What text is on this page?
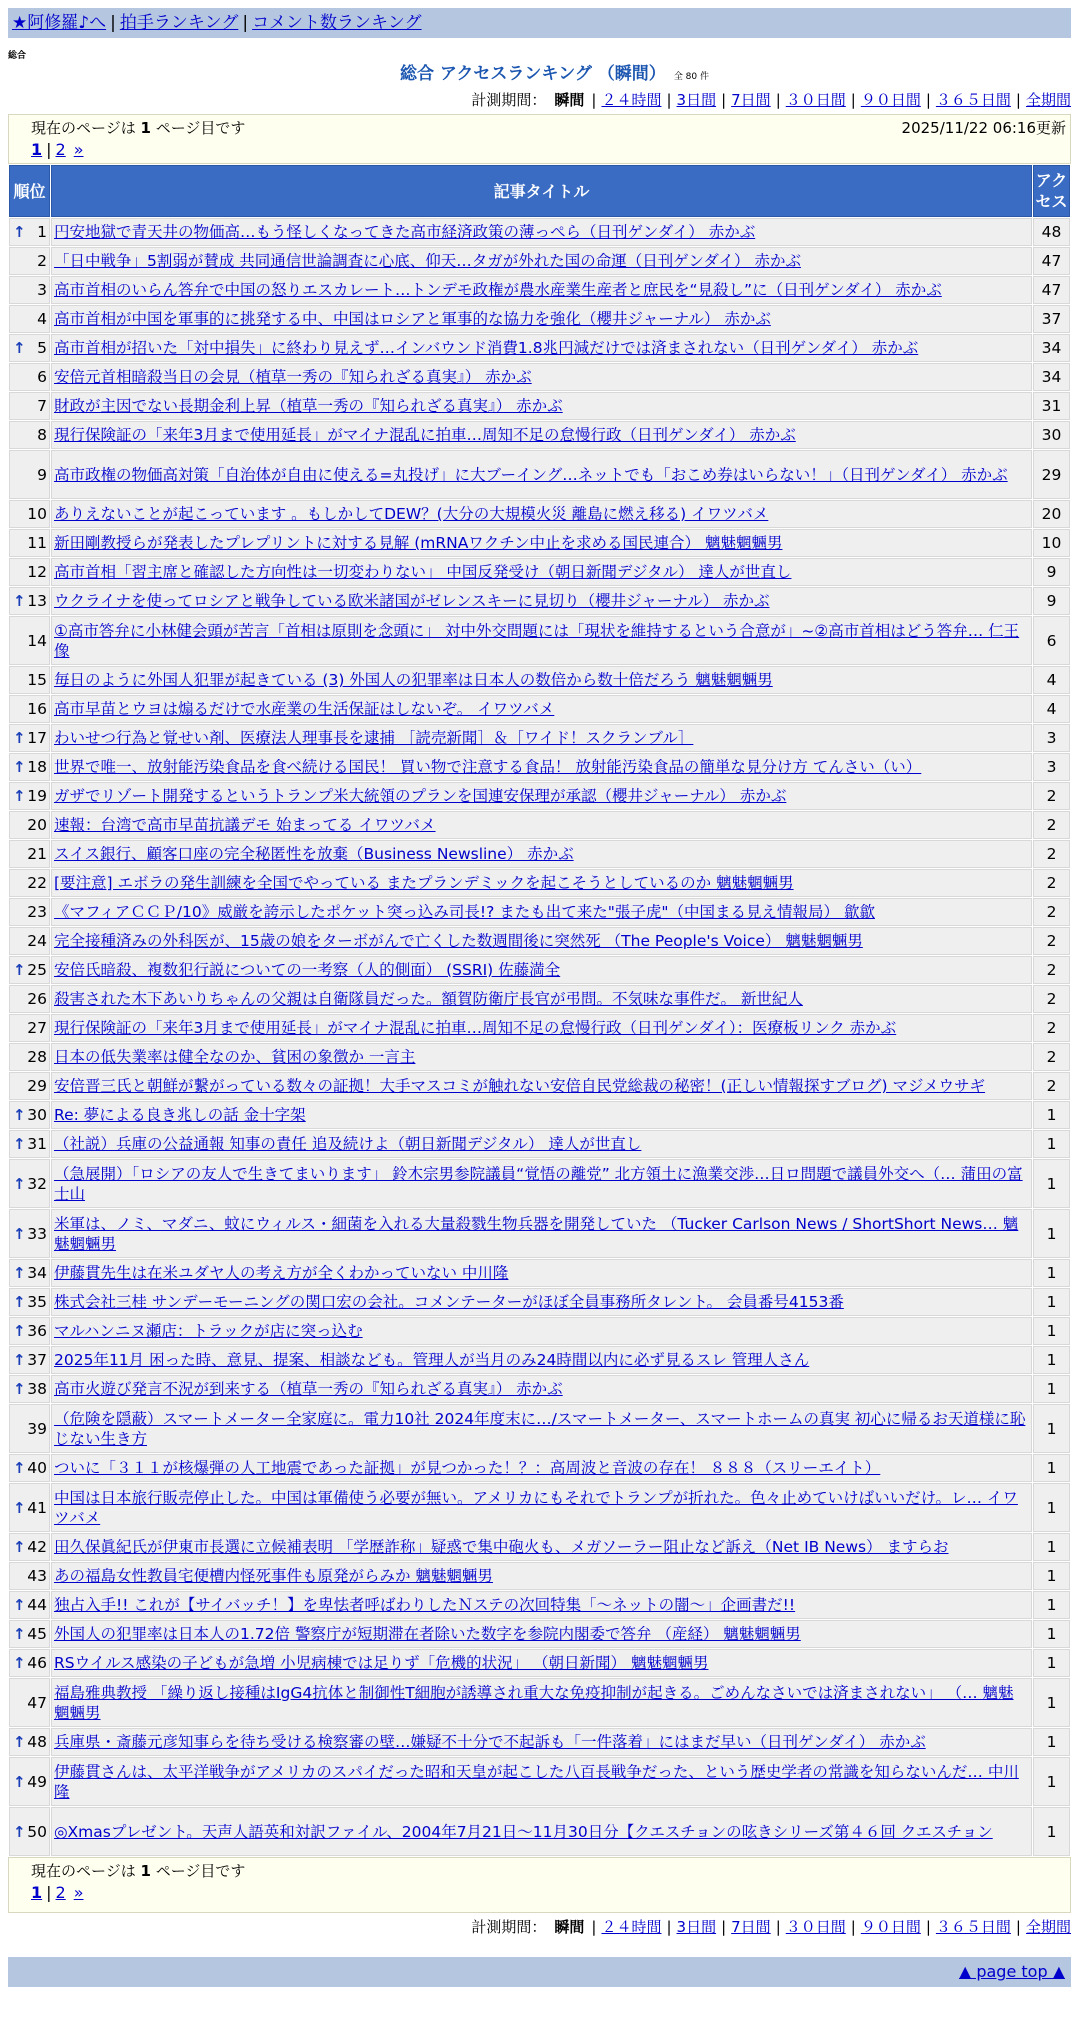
★阿修羅♪へ | 拍手ランキング | コメント数ランキング
総合
総合 アクセスランキング （瞬間） 全 80 件
計測期間： 瞬間 | ２４時間 | 3日間 | 7日間 | ３０日間 | ９０日間 | ３６５日間 | 全期間
現在のページは 1 ページ目です	2025/11/22 06:16更新
1 | 2 »
順位	記事タイトル	アクセス

↑ 1	円安地獄で青天井の物価高…もう怪しくなってきた高市経済政策の薄っぺら（日刊ゲンダイ） 赤かぶ	48
2	「日中戦争」5割弱が賛成 共同通信世論調査に心底、仰天…タガが外れた国の命運（日刊ゲンダイ） 赤かぶ	47
3	高市首相のいらん答弁で中国の怒りエスカレート…トンデモ政権が農水産業生産者と庶民を“見殺し”に（日刊ゲンダイ） 赤かぶ	47
4	高市首相が中国を軍事的に挑発する中、中国はロシアと軍事的な協力を強化（櫻井ジャーナル） 赤かぶ	37

↑ 5	高市首相が招いた「対中損失」に終わり見えず…インバウンド消費1.8兆円減だけでは済まされない（日刊ゲンダイ） 赤かぶ	34
6	安倍元首相暗殺当日の会見（植草一秀の『知られざる真実』） 赤かぶ	34
7	財政が主因でない長期金利上昇（植草一秀の『知られざる真実』） 赤かぶ	31
8	現行保険証の「来年3月まで使用延長」がマイナ混乱に拍車…周知不足の怠慢行政（日刊ゲンダイ） 赤かぶ	30
9	高市政権の物価高対策「自治体が自由に使える=丸投げ」に大ブーイング…ネットでも「おこめ券はいらない！」（日刊ゲンダイ） 赤かぶ	29
10	ありえないことが起こっています 。もしかしてDEW？(大分の大規模火災 離島に燃え移る) イワツバメ	20
11	新田剛教授らが発表したプレプリントに対する見解 (mRNAワクチン中止を求める国民連合） 魑魅魍魎男	10
12	高市首相「習主席と確認した方向性は一切変わりない」 中国反発受け（朝日新聞デジタル） 達人が世直し	9

↑ 13	ウクライナを使ってロシアと戦争している欧米諸国がゼレンスキーに見切り（櫻井ジャーナル） 赤かぶ	9
14	①高市答弁に小林健会頭が苦言「首相は原則を念頭に」 対中外交問題には「現状を維持するという合意が」~②高市首相はどう答弁… 仁王像	6
15	毎日のように外国人犯罪が起きている (3) 外国人の犯罪率は日本人の数倍から数十倍だろう 魑魅魍魎男	4
16	高市早苗とウヨは煽るだけで水産業の生活保証はしないぞ。 イワツバメ	4

↑ 17	わいせつ行為と覚せい剤、医療法人理事長を逮捕 ［読売新聞］＆［ワイド！スクランブル］	3

↑ 18	世界で唯一、放射能汚染食品を食べ続ける国民！ 買い物で注意する食品！ 放射能汚染食品の簡単な見分け方 てんさい（い）	3

↑ 19	ガザでリゾート開発するというトランプ米大統領のプランを国連安保理が承認（櫻井ジャーナル） 赤かぶ	2
20	速報：台湾で高市早苗抗議デモ 始まってる イワツバメ	2
21	スイス銀行、顧客口座の完全秘匿性を放棄（Business Newsline） 赤かぶ	2
22	[要注意] エボラの発生訓練を全国でやっている またプランデミックを起こそうとしているのか 魑魅魍魎男	2
23	《マフィアＣＣＰ/10》威厳を誇示したポケット突っ込み司長!? またも出て来た"張子虎"（中国まる見え情報局） 歙歙	2
24	完全接種済みの外科医が、15歳の娘をターボがんで亡くした数週間後に突然死 （The People's Voice） 魑魅魍魎男	2

↑ 25	安倍氏暗殺、複数犯行説についての一考察（人的側面） (SSRI) 佐藤満全	2
26	殺害された木下あいりちゃんの父親は自衛隊員だった。額賀防衛庁長官が弔問。不気味な事件だ。 新世紀人	2
27	現行保険証の「来年3月まで使用延長」がマイナ混乱に拍車…周知不足の怠慢行政（日刊ゲンダイ）：医療板リンク 赤かぶ	2
28	日本の低失業率は健全なのか、貧困の象徴か 一言主	2
29	安倍晋三氏と朝鮮が繋がっている数々の証拠！大手マスコミが触れない安倍自民党総裁の秘密！(正しい情報探すブログ) マジメウサギ	2

↑ 30	Re: 夢による良き兆しの話 金十字架	1

↑ 31	（社説）兵庫の公益通報 知事の責任 追及続けよ（朝日新聞デジタル） 達人が世直し	1

↑ 32	（急展開）「ロシアの友人で生きてまいります」 鈴木宗男参院議員“覚悟の離党” 北方領土に漁業交渉…日ロ問題で議員外交へ（… 蒲田の富士山	1

↑ 33	米軍は、ノミ、マダニ、蚊にウィルス・細菌を入れる大量殺戮生物兵器を開発していた （Tucker Carlson News / ShortShort News… 魑魅魍魎男	1

↑ 34	伊藤貫先生は在米ユダヤ人の考え方が全くわかっていない 中川隆	1

↑ 35	株式会社三桂 サンデーモーニングの関口宏の会社。コメンテーターがほぼ全員事務所タレント。 会員番号4153番	1

↑ 36	マルハンニヌ瀬店：トラックが店に突っ込む	1

↑ 37	2025年11月 困った時、意見、提案、相談なども。管理人が当月のみ24時間以内に必ず見るスレ 管理人さん	1

↑ 38	高市火遊び発言不況が到来する（植草一秀の『知られざる真実』） 赤かぶ	1
39	（危険を隠蔽）スマートメーター全家庭に。電力10社 2024年度末に…/スマートメーター、スマートホームの真実 初心に帰るお天道様に恥じない生き方	1

↑ 40	ついに「３１１が核爆弾の人工地震であった証拠」が見つかった！？：高周波と音波の存在！ ８８８（スリーエイト）	1

↑ 41	中国は日本旅行販売停止した。中国は軍備使う必要が無い。アメリカにもそれでトランプが折れた。色々止めていけばいいだけ。レ… イワツバメ	1

↑ 42	田久保眞紀氏が伊東市長選に立候補表明 「学歴詐称」疑惑で集中砲火も、メガソーラー阻止など訴え（Net IB News） ますらお	1
43	あの福島女性教員宅便槽内怪死事件も原発がらみか 魑魅魍魎男	1

↑ 44	独占入手!! これが【サイバッチ！】を卑怯者呼ばわりしたＮステの次回特集「～ネットの闇～」企画書だ!!	1

↑ 45	外国人の犯罪率は日本人の1.72倍 警察庁が短期滞在者除いた数字を参院内閣委で答弁 （産経） 魑魅魍魎男	1

↑ 46	RSウイルス感染の子どもが急増 小児病棟では足りず「危機的状況」 （朝日新聞） 魑魅魍魎男	1
47	福島雅典教授 「繰り返し接種はIgG4抗体と制御性T細胞が誘導され重大な免疫抑制が起きる。ごめんなさいでは済まされない」 （… 魑魅魍魎男	1

↑ 48	兵庫県・斎藤元彦知事らを待ち受ける検察審の壁…嫌疑不十分で不起訴も「一件落着」にはまだ早い（日刊ゲンダイ） 赤かぶ	1

↑ 49	伊藤貫さんは、太平洋戦争がアメリカのスパイだった昭和天皇が起こした八百長戦争だった、という歴史学者の常識を知らないんだ… 中川隆	1

↑ 50	◎Xmasプレゼント。天声人語英和対訳ファイル、2004年7月21日～11月30日分【クエスチョンの呟きシリーズ第４６回 クエスチョン	1
現在のページは 1 ページ目です
1 | 2 »
計測期間： 瞬間 | ２４時間 | 3日間 | 7日間 | ３０日間 | ９０日間 | ３６５日間 | 全期間
▲ page top ▲
